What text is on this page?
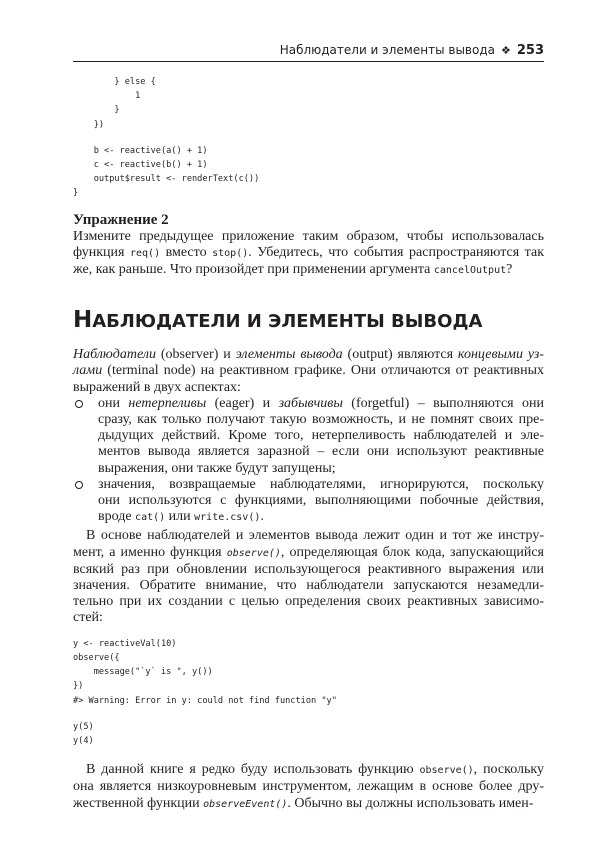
Наблюдатели и элементы вывода ❖ 253
} else {
1
}
})
b <- reactive(a() + 1)
c <- reactive(b() + 1)
output$result <- renderText(c())
}
Упражнение 2
Измените предыдущее приложение таким образом, чтобы использовалась
функция req() вместо stop(). Убедитесь, что события распространяются так
же, как раньше. Что произойдет при применении аргумента cancelOutput?
НАБЛЮДАТЕЛИ И ЭЛЕМЕНТЫ ВЫВОДА
Наблюдатели (observer) и элементы вывода (output) являются концевыми уз-
лами (terminal node) на реактивном графике. Они отличаются от реактивных
выражений в двух аспектах:
они нетерпеливы (eager) и забывчивы (forgetful) – выполняются они
сразу, как только получают такую возможность, и не помнят своих пре-
дыдущих действий. Кроме того, нетерпеливость наблюдателей и эле-
ментов вывода является заразной – если они используют реактивные
выражения, они также будут запущены;
значения, возвращаемые наблюдателями, игнорируются, поскольку
они используются с функциями, выполняющими побочные действия,
вроде cat() или write.csv().
В основе наблюдателей и элементов вывода лежит один и тот же инстру-
мент, а именно функция observe(), определяющая блок кода, запускающийся
всякий раз при обновлении использующегося реактивного выражения или
значения. Обратите внимание, что наблюдатели запускаются незамедли-
тельно при их создании с целью определения своих реактивных зависимо-
стей:
y <- reactiveVal(10)
observe({
message("`y` is ", y())
})
#> Warning: Error in y: could not find function "y"
y(5)
y(4)
В данной книге я редко буду использовать функцию observe(), поскольку
она является низкоуровневым инструментом, лежащим в основе более дру-
жественной функции observeEvent(). Обычно вы должны использовать имен-
